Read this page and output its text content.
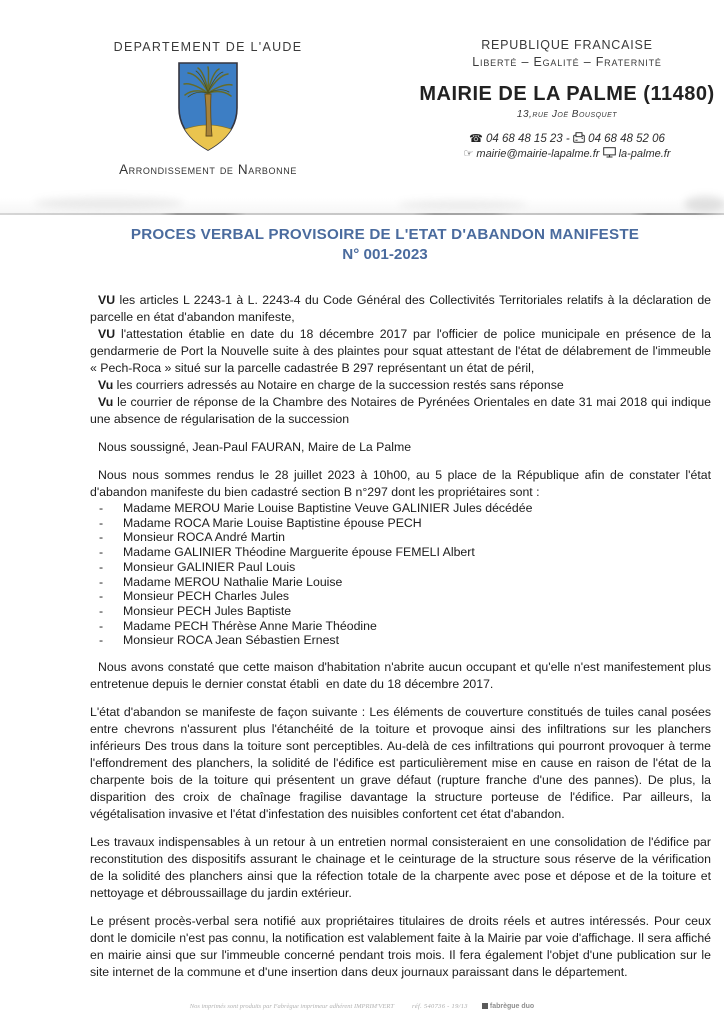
DEPARTEMENT DE L'AUDE
Arrondissement de Narbonne
REPUBLIQUE FRANCAISE
Liberté – Egalité – Fraternité
MAIRIE DE LA PALME (11480)
13,rue Joë Bousquet
☎ 04 68 48 15 23 - 04 68 48 52 06
☞ mairie@mairie-lapalme.fr la-palme.fr
PROCES VERBAL PROVISOIRE DE L'ETAT D'ABANDON MANIFESTE
N° 001-2023

VU les articles L 2243-1 à L. 2243-4 du Code Général des Collectivités Territoriales relatifs à la déclaration de parcelle en état d'abandon manifeste,

VU l'attestation établie en date du 18 décembre 2017 par l'officier de police municipale en présence de la gendarmerie de Port la Nouvelle suite à des plaintes pour squat attestant de l'état de délabrement de l'immeuble « Pech-Roca » situé sur la parcelle cadastrée B 297 représentant un état de péril,

Vu les courriers adressés au Notaire en charge de la succession restés sans réponse

Vu le courrier de réponse de la Chambre des Notaires de Pyrénées Orientales en date 31 mai 2018 qui indique une absence de régularisation de la succession

Nous soussigné, Jean-Paul FAURAN, Maire de La Palme

Nous nous sommes rendus le 28 juillet 2023 à 10h00, au 5 place de la République afin de constater l'état d'abandon manifeste du bien cadastré section B n°297 dont les propriétaires sont :

-	Madame MEROU Marie Louise Baptistine Veuve GALINIER Jules décédée
-	Madame ROCA Marie Louise Baptistine épouse PECH
-	Monsieur ROCA André Martin
-	Madame GALINIER Théodine Marguerite épouse FEMELI Albert
-	Monsieur GALINIER Paul Louis
-	Madame MEROU Nathalie Marie Louise
-	Monsieur PECH Charles Jules
-	Monsieur PECH Jules Baptiste
-	Madame PECH Thérèse Anne Marie Théodine
-	Monsieur ROCA Jean Sébastien Ernest

Nous avons constaté que cette maison d'habitation n'abrite aucun occupant et qu'elle n'est manifestement plus entretenue depuis le dernier constat établi  en date du 18 décembre 2017.

L'état d'abandon se manifeste de façon suivante : Les éléments de couverture constitués de tuiles canal posées entre chevrons n'assurent plus l'étanchéité de la toiture et provoque ainsi des infiltrations sur les planchers inférieurs Des trous dans la toiture sont perceptibles. Au-delà de ces infiltrations qui pourront provoquer à terme l'effondrement des planchers, la solidité de l'édifice est particulièrement mise en cause en raison de l'état de la charpente bois de la toiture qui présentent un grave défaut (rupture franche d'une des pannes). De plus, la disparition des croix de chaînage fragilise davantage la structure porteuse de l'édifice. Par ailleurs, la végétalisation invasive et l'état d'infestation des nuisibles confortent cet état d'abandon.

Les travaux indispensables à un retour à un entretien normal consisteraient en une consolidation de l'édifice par reconstitution des dispositifs assurant le chainage et le ceinturage de la structure sous réserve de la vérification de la solidité des planchers ainsi que la réfection totale de la charpente avec pose et dépose et de la toiture et nettoyage et débroussaillage du jardin extérieur.

Le présent procès-verbal sera notifié aux propriétaires titulaires de droits réels et autres intéressés. Pour ceux dont le domicile n'est pas connu, la notification est valablement faite à la Mairie par voie d'affichage. Il sera affiché en mairie ainsi que sur l'immeuble concerné pendant trois mois. Il fera également l'objet d'une publication sur le site internet de la commune et d'une insertion dans deux journaux paraissant dans le département.

Nos imprimés sont produits par Fabrègue imprimeur adhérent IMPRIM'VERT	réf. 540736 - 19/13	fabrègue duo
